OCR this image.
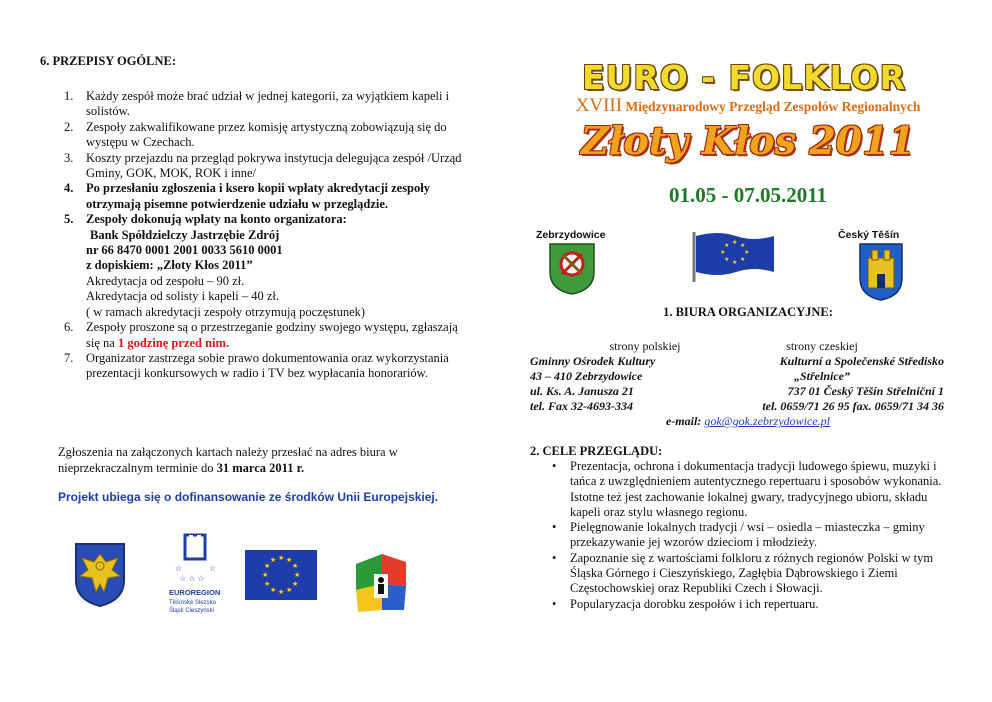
6. PRZEPISY OGÓLNE:
1. Każdy zespół może brać udział w jednej kategorii, za wyjątkiem kapeli i solistów.
2. Zespoły zakwalifikowane przez komisję artystyczną zobowiązują się do występu w Czechach.
3. Koszty przejazdu na przegląd pokrywa instytucja delegująca zespół /Urząd Gminy, GOK, MOK, ROK i inne/
4. Po przesłaniu zgłoszenia i ksero kopii wpłaty akredytacji zespoły otrzymają pisemne potwierdzenie udziału w przeglądzie.
5. Zespoły dokonują wpłaty na konto organizatora:
Bank Spółdzielczy Jastrzębie Zdrój
nr 66 8470 0001 2001 0033 5610 0001
z dopiskiem: „Złoty Kłos 2011”
Akredytacja od zespołu – 90 zł.
Akredytacja od solisty i kapeli – 40 zł.
( w ramach akredytacji zespoły otrzymują poczęstunek)
6. Zespoły proszone są o przestrzeganie godziny swojego występu, zgłaszają się na 1 godzinę przed nim.
7. Organizator zastrzega sobie prawo dokumentowania oraz wykorzystania prezentacji konkursowych w radio i TV bez wypłacania honorariów.
Zgłoszenia na załączonych kartach należy przesłać na adres biura w nieprzekraczalnym terminie do 31 marca 2011 r.
Projekt ubiega się o dofinansowanie ze środków Unii Europejskiej.
☆	☆
☆ ☆ ☆
EUROREGION
Těšínské Slezsko
Śląsk Cieszyński
★ ★
★
★
★
★
★
★
★
★
★
★
EURO - FOLKLOR
XVIII Międzynarodowy Przegląd Zespołów Regionalnych
Złoty Kłos 2011
01.05 - 07.05.2011
Zebrzydowice	Český Těšín
★ ★
★
★
★
★
★
★
1. BIURA ORGANIZACYJNE:
strony polskiej
Gminny Ośrodek Kultury
43 – 410 Zebrzydowice
ul. Ks. A. Janusza 21
tel. Fax 32-4693-334
strony czeskiej
Kulturní a Společenské Středisko
„Střelnice”
737 01 Český Těšín Střelniční 1
tel. 0659/71 26 95 fax. 0659/71 34 36
e-mail: gok@gok.zebrzydowice.pl
2. CELE PRZEGLĄDU:
• Prezentacja, ochrona i dokumentacja tradycji ludowego śpiewu, muzyki i tańca z uwzględnieniem autentycznego repertuaru i sposobów wykonania. Istotne też jest zachowanie lokalnej gwary, tradycyjnego ubioru, składu kapeli oraz stylu własnego regionu.
• Pielęgnowanie lokalnych tradycji / wsi – osiedla – miasteczka – gminy przekazywanie jej wzorów dzieciom i młodzieży.
• Zapoznanie się z wartościami folkloru z różnych regionów Polski w tym Śląska Górnego i Cieszyńskiego, Zagłębia Dąbrowskiego i Ziemi Częstochowskiej oraz Republiki Czech i Słowacji.
• Popularyzacja dorobku zespołów i ich repertuaru.
